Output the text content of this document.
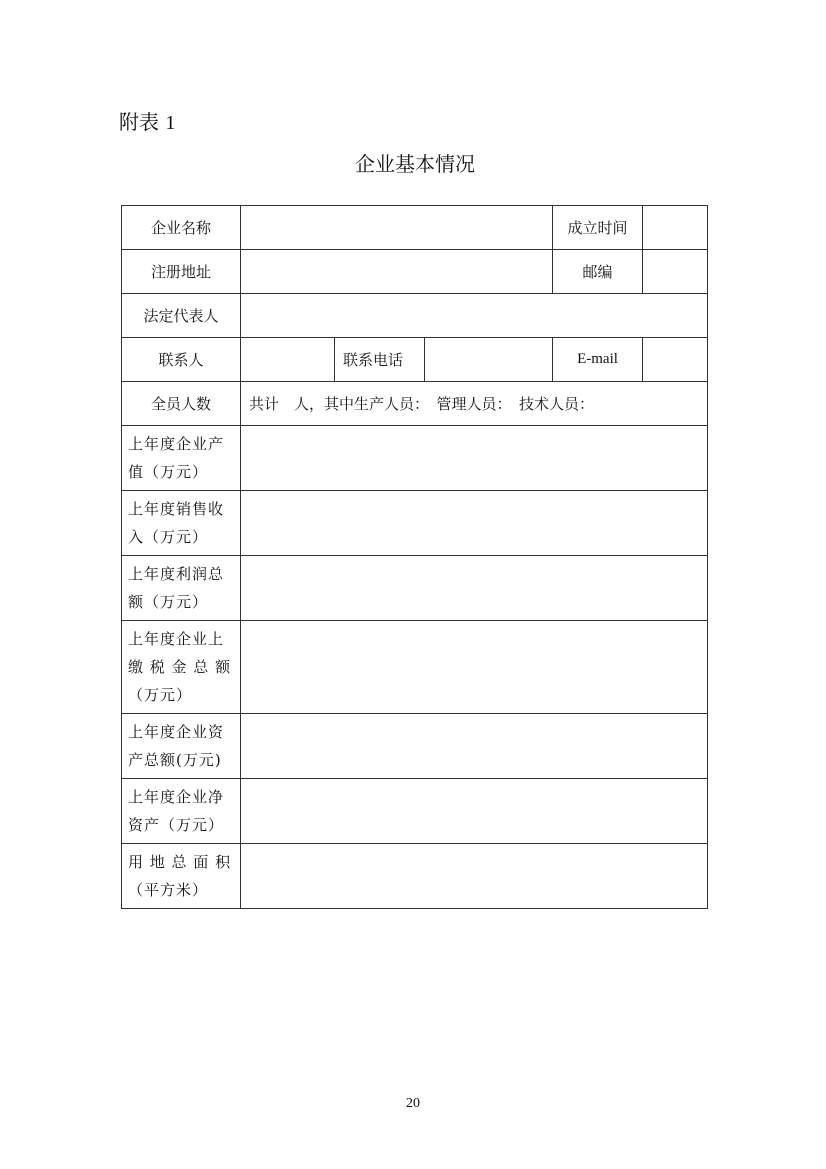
附表 1
企业基本情况
企业名称				成立时间	
注册地址				邮编	
法定代表人					
联系人		联系电话		E-mail	
全员人数	共计　人，其中生产人员：　管理人员：　技术人员：				

上年度企业产
值（万元）					

上年度销售收
入（万元）					

上年度利润总
额（万元）					

上年度企业上
缴 税 金 总 额
（万元）					

上年度企业资
产总额(万元)					

上年度企业净
资产（万元）					

用 地 总 面 积
（平方米）					

20
